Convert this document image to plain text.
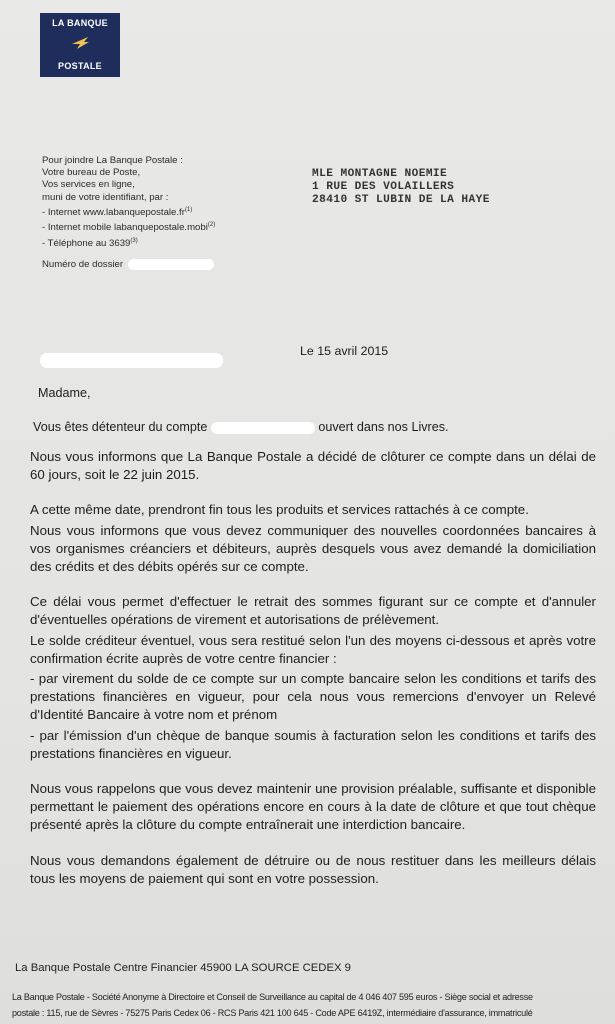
LA BANQUE
POSTALE
Pour joindre La Banque Postale :
Votre bureau de Poste,
Vos services en ligne,
muni de votre identifiant, par :
- Internet $www.labanquepostale.fr^{(1)}$
- Internet mobile labanquepostale.mobi$^{(2)}$
- Téléphone au 3639$^{(3)}$
Numéro de dossier
MLE MONTAGNE NOEMIE
1 RUE DES VOLAILLERS
28410 ST LUBIN DE LA HAYE
Le 15 avril 2015
Madame,
Vous êtes détenteur du compte	ouvert dans nos Livres.

Nous vous informons que La Banque Postale a décidé de clôturer ce compte dans un délai de 60 jours, soit le 22 juin 2015.

A cette même date, prendront fin tous les produits et services rattachés à ce compte.

Nous vous informons que vous devez communiquer des nouvelles coordonnées bancaires à vos organismes créanciers et débiteurs, auprès desquels vous avez demandé la domiciliation des crédits et des débits opérés sur ce compte.

Ce délai vous permet d'effectuer le retrait des sommes figurant sur ce compte et d'annuler d'éventuelles opérations de virement et autorisations de prélèvement.

Le solde créditeur éventuel, vous sera restitué selon l'un des moyens ci-dessous et après votre confirmation écrite auprès de votre centre financier :

- par virement du solde de ce compte sur un compte bancaire selon les conditions et tarifs des prestations financières en vigueur, pour cela nous vous remercions d'envoyer un Relevé d'Identité Bancaire à votre nom et prénom

- par l'émission d'un chèque de banque soumis à facturation selon les conditions et tarifs des prestations financières en vigueur.

Nous vous rappelons que vous devez maintenir une provision préalable, suffisante et disponible permettant le paiement des opérations encore en cours à la date de clôture et que tout chèque présenté après la clôture du compte entraînerait une interdiction bancaire.

Nous vous demandons également de détruire ou de nous restituer dans les meilleurs délais tous les moyens de paiement qui sont en votre possession.

La Banque Postale Centre Financier 45900 LA SOURCE CEDEX 9
La Banque Postale - Société Anonyme à Directoire et Conseil de Surveillance au capital de 4 046 407 595 euros - Siège social et adresse
postale : 115, rue de Sèvres - 75275 Paris Cedex 06 - RCS Paris 421 100 645 - Code APE 6419Z, intermédiaire d'assurance, immatriculé
